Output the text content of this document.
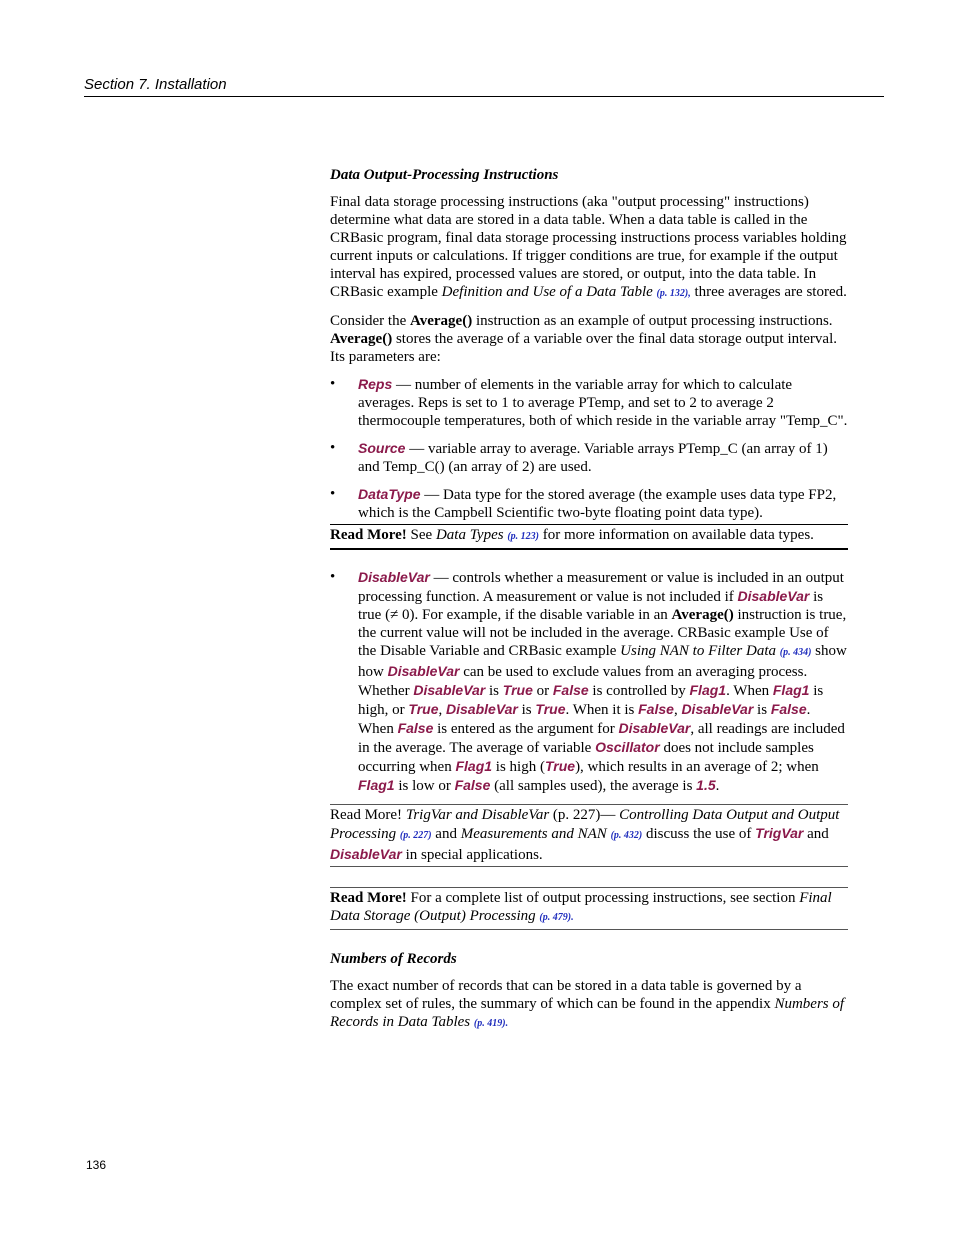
Section 7. Installation
Data Output-Processing Instructions

Final data storage processing instructions (aka "output processing" instructions) determine what data are stored in a data table. When a data table is called in the CRBasic program, final data storage processing instructions process variables holding current inputs or calculations. If trigger conditions are true, for example if the output interval has expired, processed values are stored, or output, into the data table. In CRBasic example Definition and Use of a Data Table (p. 132), three averages are stored.

Consider the Average() instruction as an example of output processing instructions. Average() stores the average of a variable over the final data storage output interval. Its parameters are:

• Reps — number of elements in the variable array for which to calculate averages. Reps is set to 1 to average PTemp, and set to 2 to average 2 thermocouple temperatures, both of which reside in the variable array "Temp_C".
• Source — variable array to average. Variable arrays PTemp_C (an array of 1) and Temp_C() (an array of 2) are used.
• DataType — Data type for the stored average (the example uses data type FP2, which is the Campbell Scientific two-byte floating point data type).
Read More! See Data Types (p. 123) for more information on available data types.
• DisableVar — controls whether a measurement or value is included in an output processing function. A measurement or value is not included if DisableVar is true (≠ 0). For example, if the disable variable in an Average() instruction is true, the current value will not be included in the average. CRBasic example Use of the Disable Variable and CRBasic example Using NAN to Filter Data (p. 434) show how DisableVar can be used to exclude values from an averaging process. Whether DisableVar is True or False is controlled by Flag1. When Flag1 is high, or True, DisableVar is True. When it is False, DisableVar is False. When False is entered as the argument for DisableVar, all readings are included in the average. The average of variable Oscillator does not include samples occurring when Flag1 is high (True), which results in an average of 2; when Flag1 is low or False (all samples used), the average is 1.5.
Read More! TrigVar and DisableVar (p. 227)— Controlling Data Output and Output Processing (p. 227) and Measurements and NAN (p. 432) discuss the use of TrigVar and DisableVar in special applications.
Read More! For a complete list of output processing instructions, see section Final Data Storage (Output) Processing (p. 479).
Numbers of Records

The exact number of records that can be stored in a data table is governed by a complex set of rules, the summary of which can be found in the appendix Numbers of Records in Data Tables (p. 419).

136
